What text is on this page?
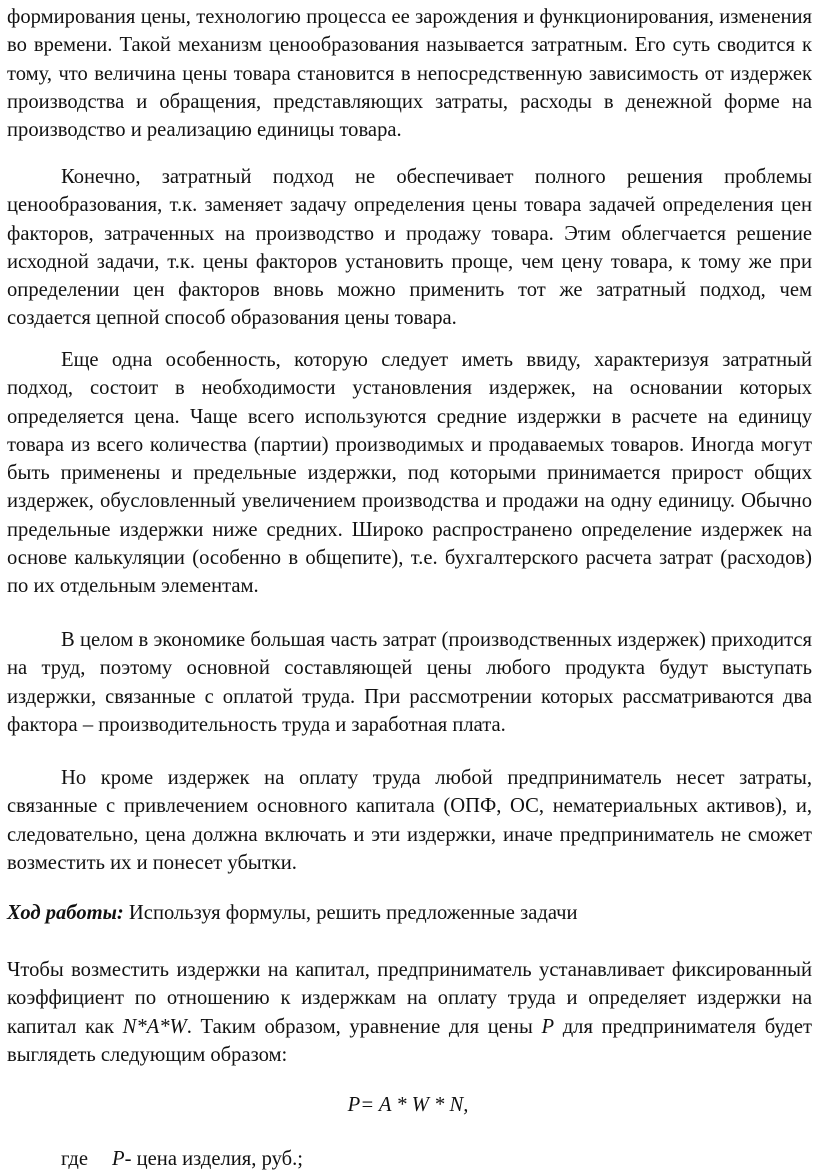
формирования цены, технологию процесса ее зарождения и функционирования, изменения во времени. Такой механизм ценообразования называется затратным. Его суть сводится к тому, что величина цены товара становится в непосредственную зависимость от издержек производства и обращения, представляющих затраты, расходы в денежной форме на производство и реализацию единицы товара.

Конечно, затратный подход не обеспечивает полного решения проблемы ценообразования, т.к. заменяет задачу определения цены товара задачей определения цен факторов, затраченных на производство и продажу товара. Этим облегчается решение исходной задачи, т.к. цены факторов установить проще, чем цену товара, к тому же при определении цен факторов вновь можно применить тот же затратный подход, чем создается цепной способ образования цены товара.

Еще одна особенность, которую следует иметь ввиду, характеризуя затратный подход, состоит в необходимости установления издержек, на основании которых определяется цена. Чаще всего используются средние издержки в расчете на единицу товара из всего количества (партии) производимых и продаваемых товаров. Иногда могут быть применены и предельные издержки, под которыми принимается прирост общих издержек, обусловленный увеличением производства и продажи на одну единицу. Обычно предельные издержки ниже средних. Широко распространено определение издержек на основе калькуляции (особенно в общепите), т.е. бухгалтерского расчета затрат (расходов) по их отдельным элементам.

В целом в экономике большая часть затрат (производственных издержек) приходится на труд, поэтому основной составляющей цены любого продукта будут выступать издержки, связанные с оплатой труда. При рассмотрении которых рассматриваются два фактора – производительность труда и заработная плата.

Но кроме издержек на оплату труда любой предприниматель несет затраты, связанные с привлечением основного капитала (ОПФ, ОС, нематериальных активов), и, следовательно, цена должна включать и эти издержки, иначе предприниматель не сможет возместить их и понесет убытки.

Ход работы: Используя формулы, решить предложенные задачи

Чтобы возместить издержки на капитал, предприниматель устанавливает фиксированный коэффициент по отношению к издержкам на оплату труда и определяет издержки на капитал как N*A*W. Таким образом, уравнение для цены P для предпринимателя будет выглядеть следующим образом:

P= A * W * N,

где P- цена изделия, руб.;
